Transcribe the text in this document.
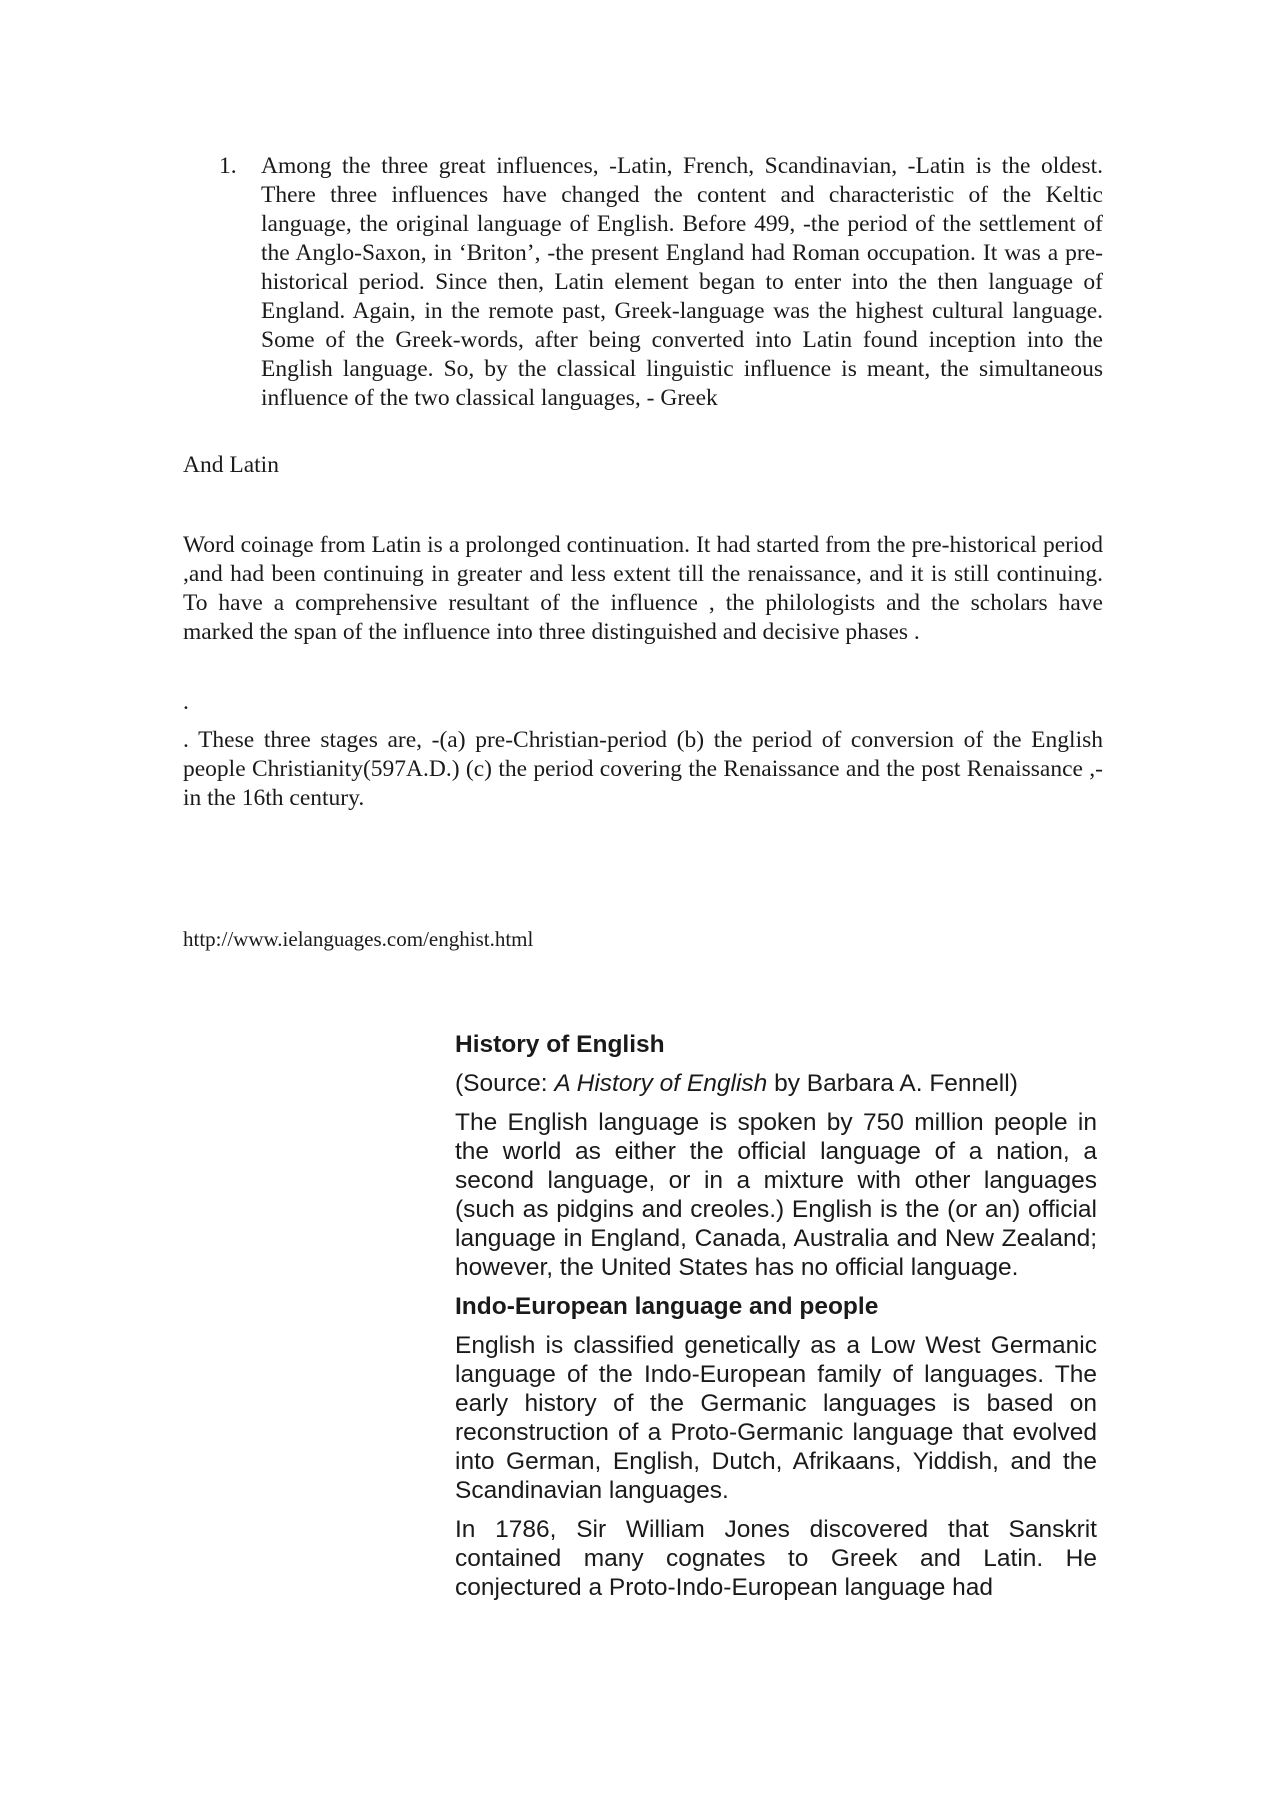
1. Among the three great influences, -Latin, French, Scandinavian, -Latin is the oldest. There three influences have changed the content and characteristic of the Keltic language, the original language of English. Before 499, -the period of the settlement of the Anglo-Saxon, in ‘Briton’, -the present England had Roman occupation. It was a pre-historical period. Since then, Latin element began to enter into the then language of England. Again, in the remote past, Greek-language was the highest cultural language. Some of the Greek-words, after being converted into Latin found inception into the English language. So, by the classical linguistic influence is meant, the simultaneous influence of the two classical languages, - Greek

And Latin

Word coinage from Latin is a prolonged continuation. It had started from the pre-historical period ,and had been continuing in greater and less extent till the renaissance, and it is still continuing. To have a comprehensive resultant of the influence , the philologists and the scholars have marked the span of the influence into three distinguished and decisive phases .

.

. These three stages are, -(a) pre-Christian-period (b) the period of conversion of the English people Christianity(597A.D.) (c) the period covering the Renaissance and the post Renaissance ,-in the 16th century.

http://www.ielanguages.com/enghist.html

History of English

(Source: A History of English by Barbara A. Fennell)

The English language is spoken by 750 million people in the world as either the official language of a nation, a second language, or in a mixture with other languages (such as pidgins and creoles.) English is the (or an) official language in England, Canada, Australia and New Zealand; however, the United States has no official language.

Indo-European language and people

English is classified genetically as a Low West Germanic language of the Indo-European family of languages. The early history of the Germanic languages is based on reconstruction of a Proto-Germanic language that evolved into German, English, Dutch, Afrikaans, Yiddish, and the Scandinavian languages.

In 1786, Sir William Jones discovered that Sanskrit contained many cognates to Greek and Latin. He conjectured a Proto-Indo-European language had
